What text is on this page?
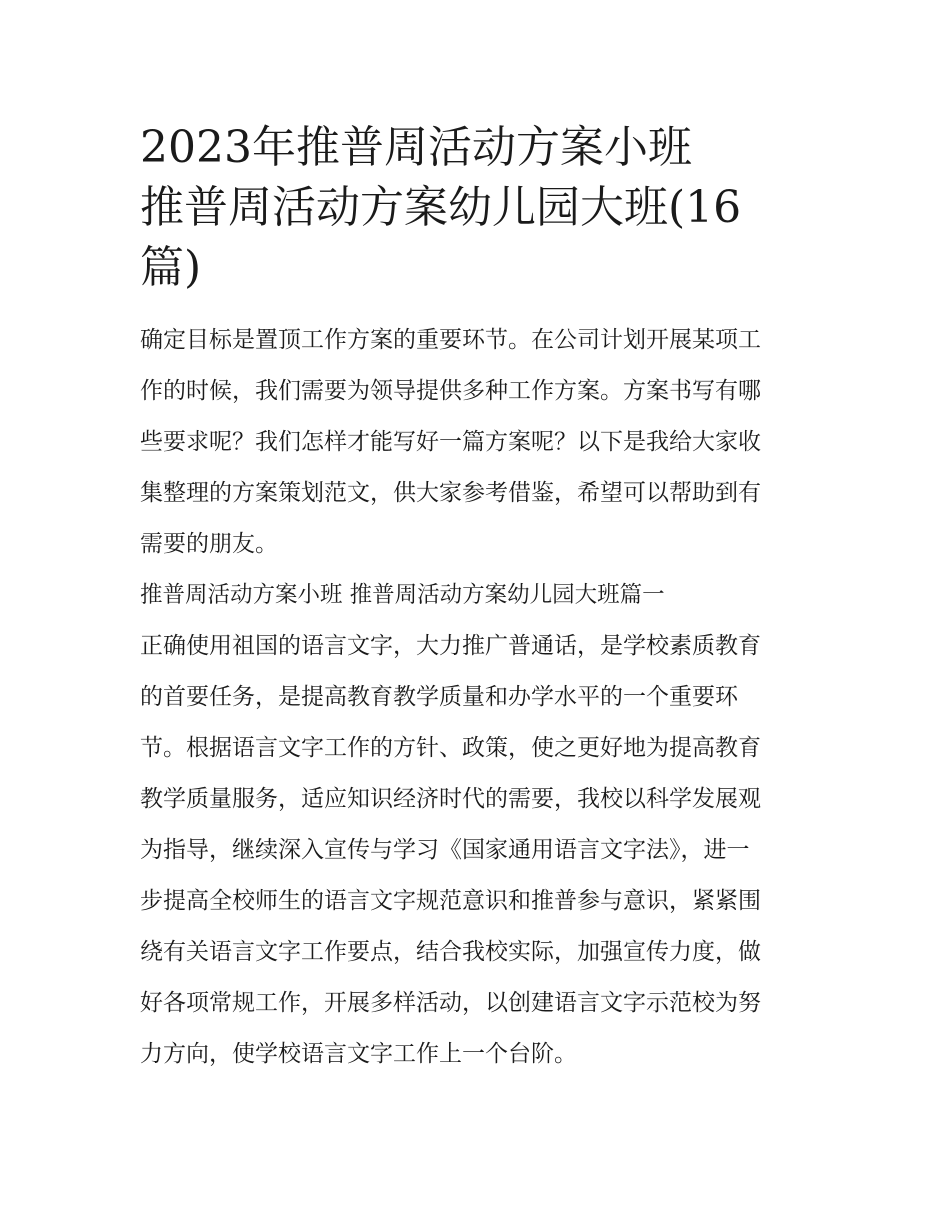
2023年推普周活动方案小班
推普周活动方案幼儿园大班(16
篇)
确定目标是置顶工作方案的重要环节。在公司计划开展某项工
作的时候，我们需要为领导提供多种工作方案。方案书写有哪
些要求呢？我们怎样才能写好一篇方案呢？以下是我给大家收
集整理的方案策划范文，供大家参考借鉴，希望可以帮助到有
需要的朋友。
推普周活动方案小班 推普周活动方案幼儿园大班篇一
正确使用祖国的语言文字，大力推广普通话，是学校素质教育
的首要任务，是提高教育教学质量和办学水平的一个重要环
节。根据语言文字工作的方针、政策，使之更好地为提高教育
教学质量服务，适应知识经济时代的需要，我校以科学发展观
为指导，继续深入宣传与学习《国家通用语言文字法》，进一
步提高全校师生的语言文字规范意识和推普参与意识，紧紧围
绕有关语言文字工作要点，结合我校实际，加强宣传力度，做
好各项常规工作，开展多样活动，以创建语言文字示范校为努
力方向，使学校语言文字工作上一个台阶。
